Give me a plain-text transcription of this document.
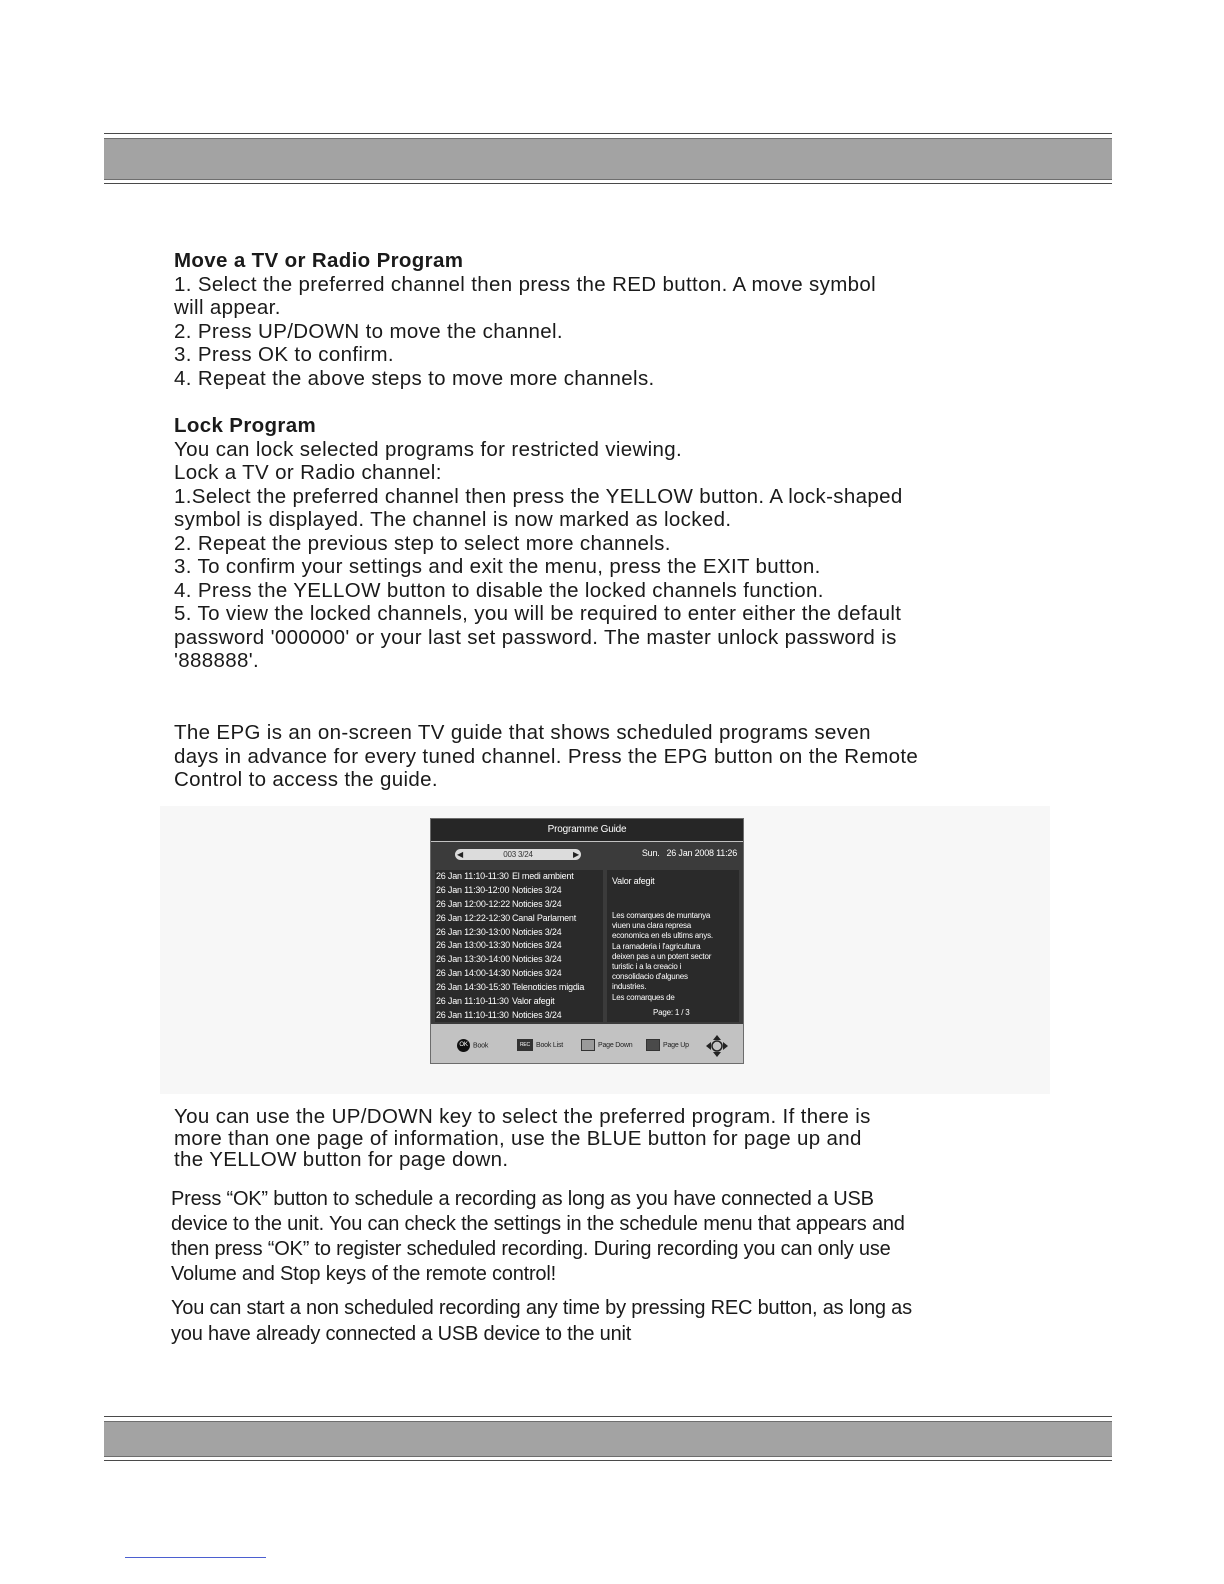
Move a TV or Radio Program
1. Select the preferred channel then press the RED button. A move symbol
will appear.
2. Press UP/DOWN to move the channel.
3. Press OK to confirm.
4. Repeat the above steps to move more channels.
Lock Program
You can lock selected programs for restricted viewing.
Lock a TV or Radio channel:
1.Select the preferred channel then press the YELLOW button. A lock-shaped
symbol is displayed. The channel is now marked as locked.
2. Repeat the previous step to select more channels.
3. To confirm your settings and exit the menu, press the EXIT button.
4. Press the YELLOW button to disable the locked channels function.
5. To view the locked channels, you will be required to enter either the default
password '000000' or your last set password. The master unlock password is
'888888'.
The EPG is an on-screen TV guide that shows scheduled programs seven
days in advance for every tuned channel. Press the EPG button on the Remote
Control to access the guide.
Programme Guide
◀	003 3/24	▶	Sun. 26 Jan 2008 11:26
26 Jan 11:10-11:30 El medi ambient
26 Jan 11:30-12:00 Noticies 3/24
26 Jan 12:00-12:22 Noticies 3/24
26 Jan 12:22-12:30 Canal Parlament
26 Jan 12:30-13:00 Noticies 3/24
26 Jan 13:00-13:30 Noticies 3/24
26 Jan 13:30-14:00 Noticies 3/24
26 Jan 14:00-14:30 Noticies 3/24
26 Jan 14:30-15:30 Telenoticies migdia
26 Jan 11:10-11:30 Valor afegit
26 Jan 11:10-11:30 Noticies 3/24
Valor afegit
Les comarques de muntanya
viuen una clara represa
economica en els ultims anys.
La ramaderia i l'agricultura
deixen pas a un potent sector
turistic i a la creacio i
consolidacio d'algunes
industries.
Les comarques de
Page: 1 / 3
OK Book	REC Book List	Page Down	Page Up
You can use the UP/DOWN key to select the preferred program. If there is
more than one page of information, use the BLUE button for page up and
the YELLOW button for page down.
Press “OK” button to schedule a recording as long as you have connected a USB
device to the unit. You can check the settings in the schedule menu that appears and
then press “OK” to register scheduled recording. During recording you can only use
Volume and Stop keys of the remote control!
You can start a non scheduled recording any time by pressing REC button, as long as
you have already connected a USB device to the unit
